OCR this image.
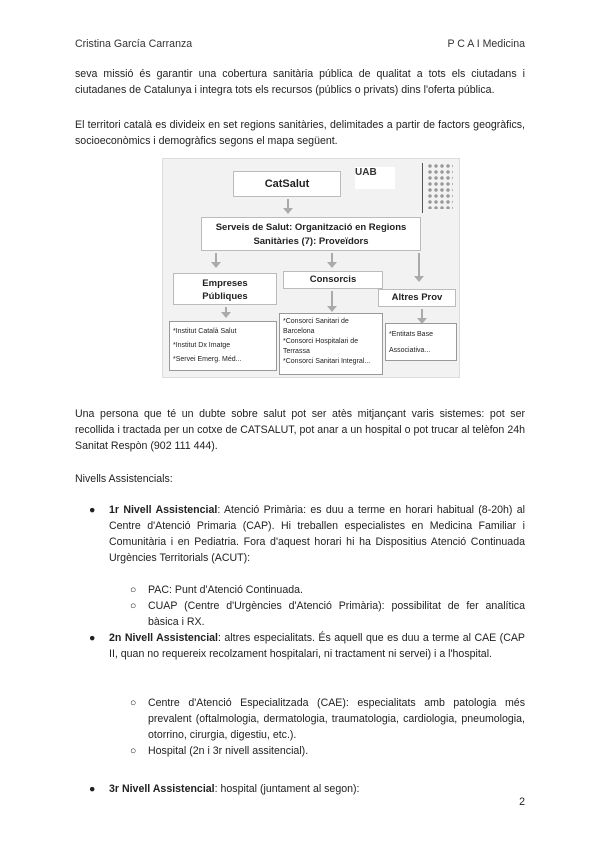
Cristina García Carranza	P C A I Medicina

seva missió és garantir una cobertura sanitària pública de qualitat a tots els ciutadans i ciutadanes de Catalunya i integra tots els recursos (públics o privats) dins l'oferta pública.

El territori català es divideix en set regions sanitàries, delimitades a partir de factors geogràfics, socioeconòmics i demogràfics segons el mapa següent.

CatSalut
UAB
Serveis de Salut: Organització en Regions Sanitàries (7): Proveïdors
Empreses Públiques
Consorcis
Altres Prov
*Institut Català Salut
*Institut Dx Imatge
*Servei Emerg. Méd...
*Consorci Sanitari de Barcelona
*Consorci Hospitalari de Terrassa
*Consorci Sanitari Integral...
*Entitats Base Associativa...

Una persona que té un dubte sobre salut pot ser atès mitjançant varis sistemes: pot ser recollida i tractada per un cotxe de CATSALUT, pot anar a un hospital o pot trucar al telèfon 24h Sanitat Respòn (902 111 444).

Nivells Assistencials:

● 1r Nivell Assistencial: Atenció Primària: es duu a terme en horari habitual (8-20h) al Centre d'Atenció Primaria (CAP). Hi treballen especialistes en Medicina Familiar i Comunitària i en Pediatria. Fora d'aquest horari hi ha Dispositius Atenció Continuada Urgències Territorials (ACUT):
○ PAC: Punt d'Atenció Continuada.
○ CUAP (Centre d'Urgències d'Atenció Primària): possibilitat de fer analítica bàsica i RX.
● 2n Nivell Assistencial: altres especialitats. És aquell que es duu a terme al CAE (CAP II, quan no requereix recolzament hospitalari, ni tractament ni servei) i a l'hospital.
○ Centre d'Atenció Especialitzada (CAE): especialitats amb patologia més prevalent (oftalmologia, dermatologia, traumatologia, cardiologia, pneumologia, otorrino, cirurgia, digestiu, etc.).
○ Hospital (2n i 3r nivell assitencial).
● 3r Nivell Assistencial: hospital (juntament al segon):
2
